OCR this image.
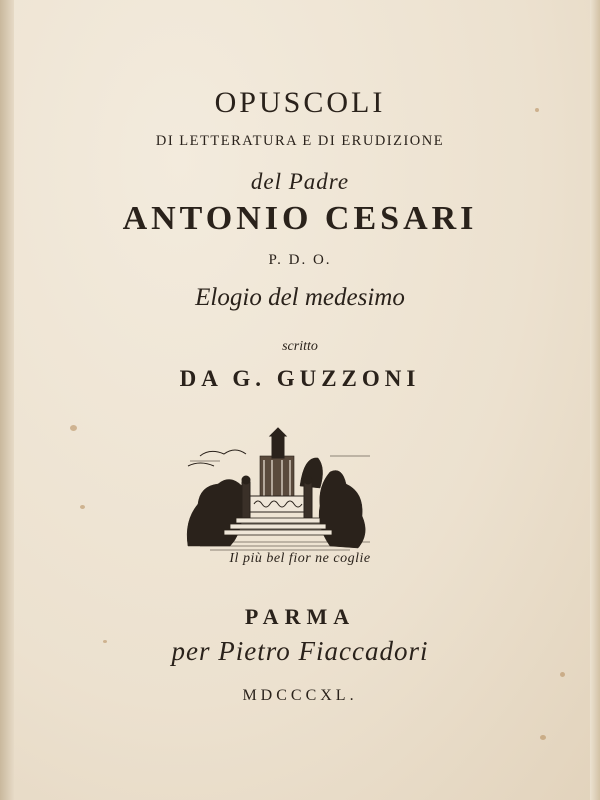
OPUSCOLI
DI LETTERATURA E DI ERUDIZIONE
del Padre
ANTONIO CESARI
P. D. O.
Elogio del medesimo
scritto
DA G. GUZZONI
Il più bel fior ne coglie
PARMA
per Pietro Fiaccadori
MDCCCXL.
